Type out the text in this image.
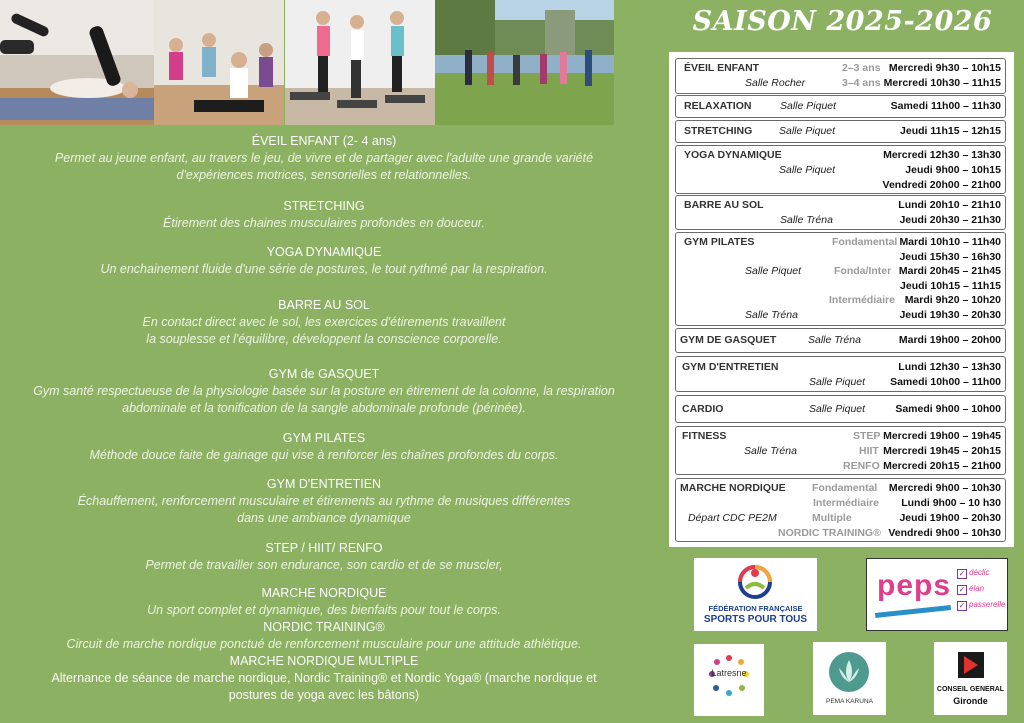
ÉVEIL ENFANT (2- 4 ans)
Permet au jeune enfant, au travers le jeu, de vivre et de partager avec l'adulte une grande variété
d'expériences motrices, sensorielles et relationnelles.
STRETCHING
Étirement des chaines musculaires profondes en douceur.
YOGA DYNAMIQUE
Un enchainement fluide d'une série de postures, le tout rythmé par la respiration.
BARRE AU SOL
En contact direct avec le sol, les exercices d'étirements travaillent
la souplesse et l'équilibre, développent la conscience corporelle.
GYM de GASQUET
Gym santé respectueuse de la physiologie basée sur la posture en étirement de la colonne, la respiration
abdominale et la tonification de la sangle abdominale profonde (périnée).
GYM PILATES
Méthode douce faite de gainage qui vise à renforcer les chaînes profondes du corps.
GYM D'ENTRETIEN
Échauffement, renforcement musculaire et étirements au rythme de musiques différentes
dans une ambiance dynamique
STEP / HIIT/ RENFO
Permet de travailler son endurance, son cardio et de se muscler,
MARCHE NORDIQUE
Un sport complet et dynamique, des bienfaits pour tout le corps.
NORDIC TRAINING®
Circuit de marche nordique ponctué de renforcement musculaire pour une attitude athlétique.
MARCHE NORDIQUE MULTIPLE
Alternance de séance de marche nordique, Nordic Training® et Nordic Yoga® (marche nordique et
postures de yoga avec les bâtons)
SAISON 2025-2026
ÉVEIL ENFANT	2–3 ans Mercredi 9h30 – 10h15
Salle Rocher	3–4 ans Mercredi 10h30 – 11h15
RELAXATION	Salle Piquet	Samedi 11h00 – 11h30
STRETCHING	Salle Piquet	Jeudi 11h15 – 12h15
YOGA DYNAMIQUE	Mercredi 12h30 – 13h30
Salle Piquet	Jeudi 9h00 – 10h15
Vendredi 20h00 – 21h00
BARRE AU SOL	Lundi 20h10 – 21h10
Salle Tréna	Jeudi 20h30 – 21h30
GYM PILATES	Fondamental Mardi 10h10 – 11h40
Jeudi 15h30 – 16h30
Salle Piquet	Fonda/Inter Mardi 20h45 – 21h45
Jeudi 10h15 – 11h15
Intermédiaire Mardi 9h20 – 10h20
Salle Tréna	Jeudi 19h30 – 20h30
GYM DE GASQUET	Salle Tréna	Mardi 19h00 – 20h00
GYM D'ENTRETIEN	Lundi 12h30 – 13h30
Salle Piquet Samedi 10h00 – 11h00
CARDIO	Salle Piquet	Samedi 9h00 – 10h00
FITNESS	STEP Mercredi 19h00 – 19h45
Salle Tréna	HIIT Mercredi 19h45 – 20h15
RENFO Mercredi 20h15 – 21h00
MARCHE NORDIQUE	Fondamental Mercredi 9h00 – 10h30
Intermédiaire Lundi 9h00 – 10 h30
Départ CDC PE2M	Multiple	Jeudi 19h00 – 20h30
NORDIC TRAINING® Vendredi 9h00 – 10h30
FÉDÉRATION FRANÇAISE
SPORTS POUR TOUS
peps ✓
✓
✓
déclic
élan
passerelle
Latresne
PEMA KARUNA
CONSEIL GENERAL
Gironde
